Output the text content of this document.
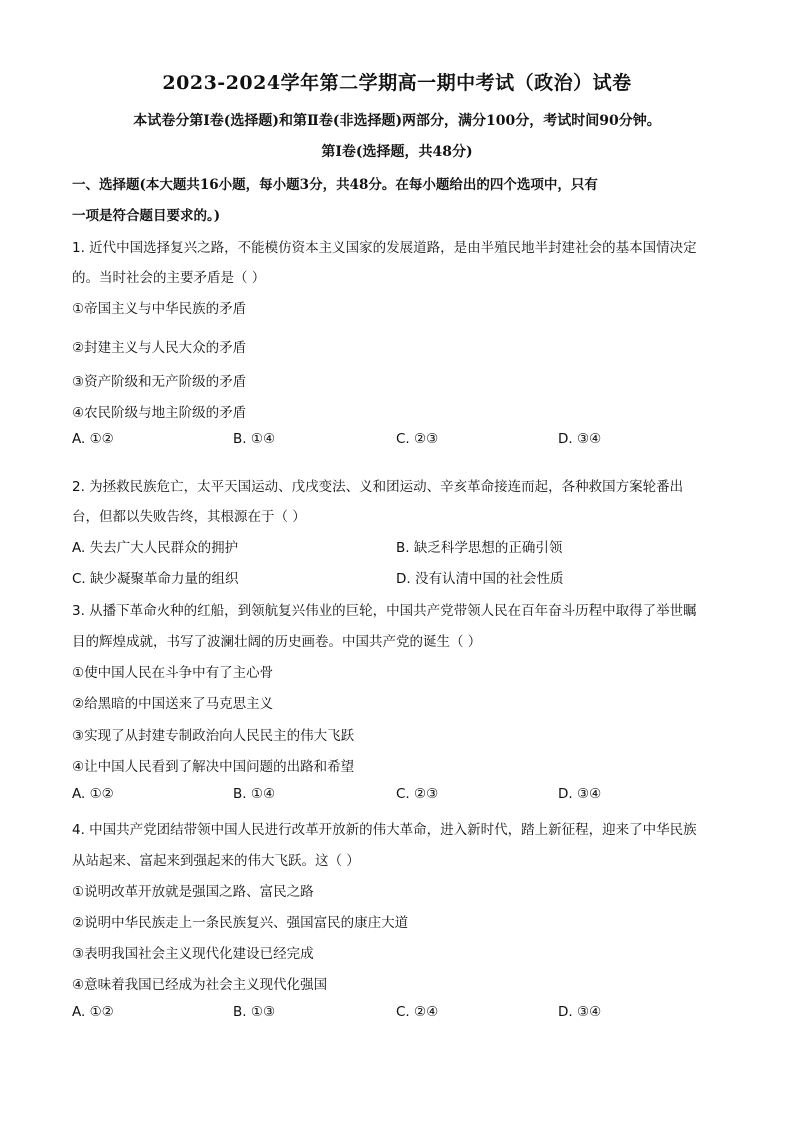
2023-2024学年第二学期高一期中考试（政治）试卷
本试卷分第Ⅰ卷(选择题)和第Ⅱ卷(非选择题)两部分，满分100分，考试时间90分钟。
第Ⅰ卷(选择题，共48分)
一、选择题(本大题共16小题，每小题3分，共48分。在每小题给出的四个选项中，只有
一项是符合题目要求的。)
1. 近代中国选择复兴之路，不能模仿资本主义国家的发展道路，是由半殖民地半封建社会的基本国情决定
的。当时社会的主要矛盾是（ ）
①帝国主义与中华民族的矛盾
②封建主义与人民大众的矛盾
③资产阶级和无产阶级的矛盾
④农民阶级与地主阶级的矛盾
A. ①②	B. ①④	C. ②③	D. ③④
2. 为拯救民族危亡，太平天国运动、戊戌变法、义和团运动、辛亥革命接连而起，各种救国方案轮番出
台，但都以失败告终，其根源在于（ ）
A. 失去广大人民群众的拥护	B. 缺乏科学思想的正确引领
C. 缺少凝聚革命力量的组织	D. 没有认清中国的社会性质
3. 从播下革命火种的红船，到领航复兴伟业的巨轮，中国共产党带领人民在百年奋斗历程中取得了举世瞩
目的辉煌成就，书写了波澜壮阔的历史画卷。中国共产党的诞生（ ）
①使中国人民在斗争中有了主心骨
②给黑暗的中国送来了马克思主义
③实现了从封建专制政治向人民民主的伟大飞跃
④让中国人民看到了解决中国问题的出路和希望
A. ①②	B. ①④	C. ②③	D. ③④
4. 中国共产党团结带领中国人民进行改革开放新的伟大革命，进入新时代，踏上新征程，迎来了中华民族
从站起来、富起来到强起来的伟大飞跃。这（ ）
①说明改革开放就是强国之路、富民之路
②说明中华民族走上一条民族复兴、强国富民的康庄大道
③表明我国社会主义现代化建设已经完成
④意味着我国已经成为社会主义现代化强国
A. ①②	B. ①③	C. ②④	D. ③④
